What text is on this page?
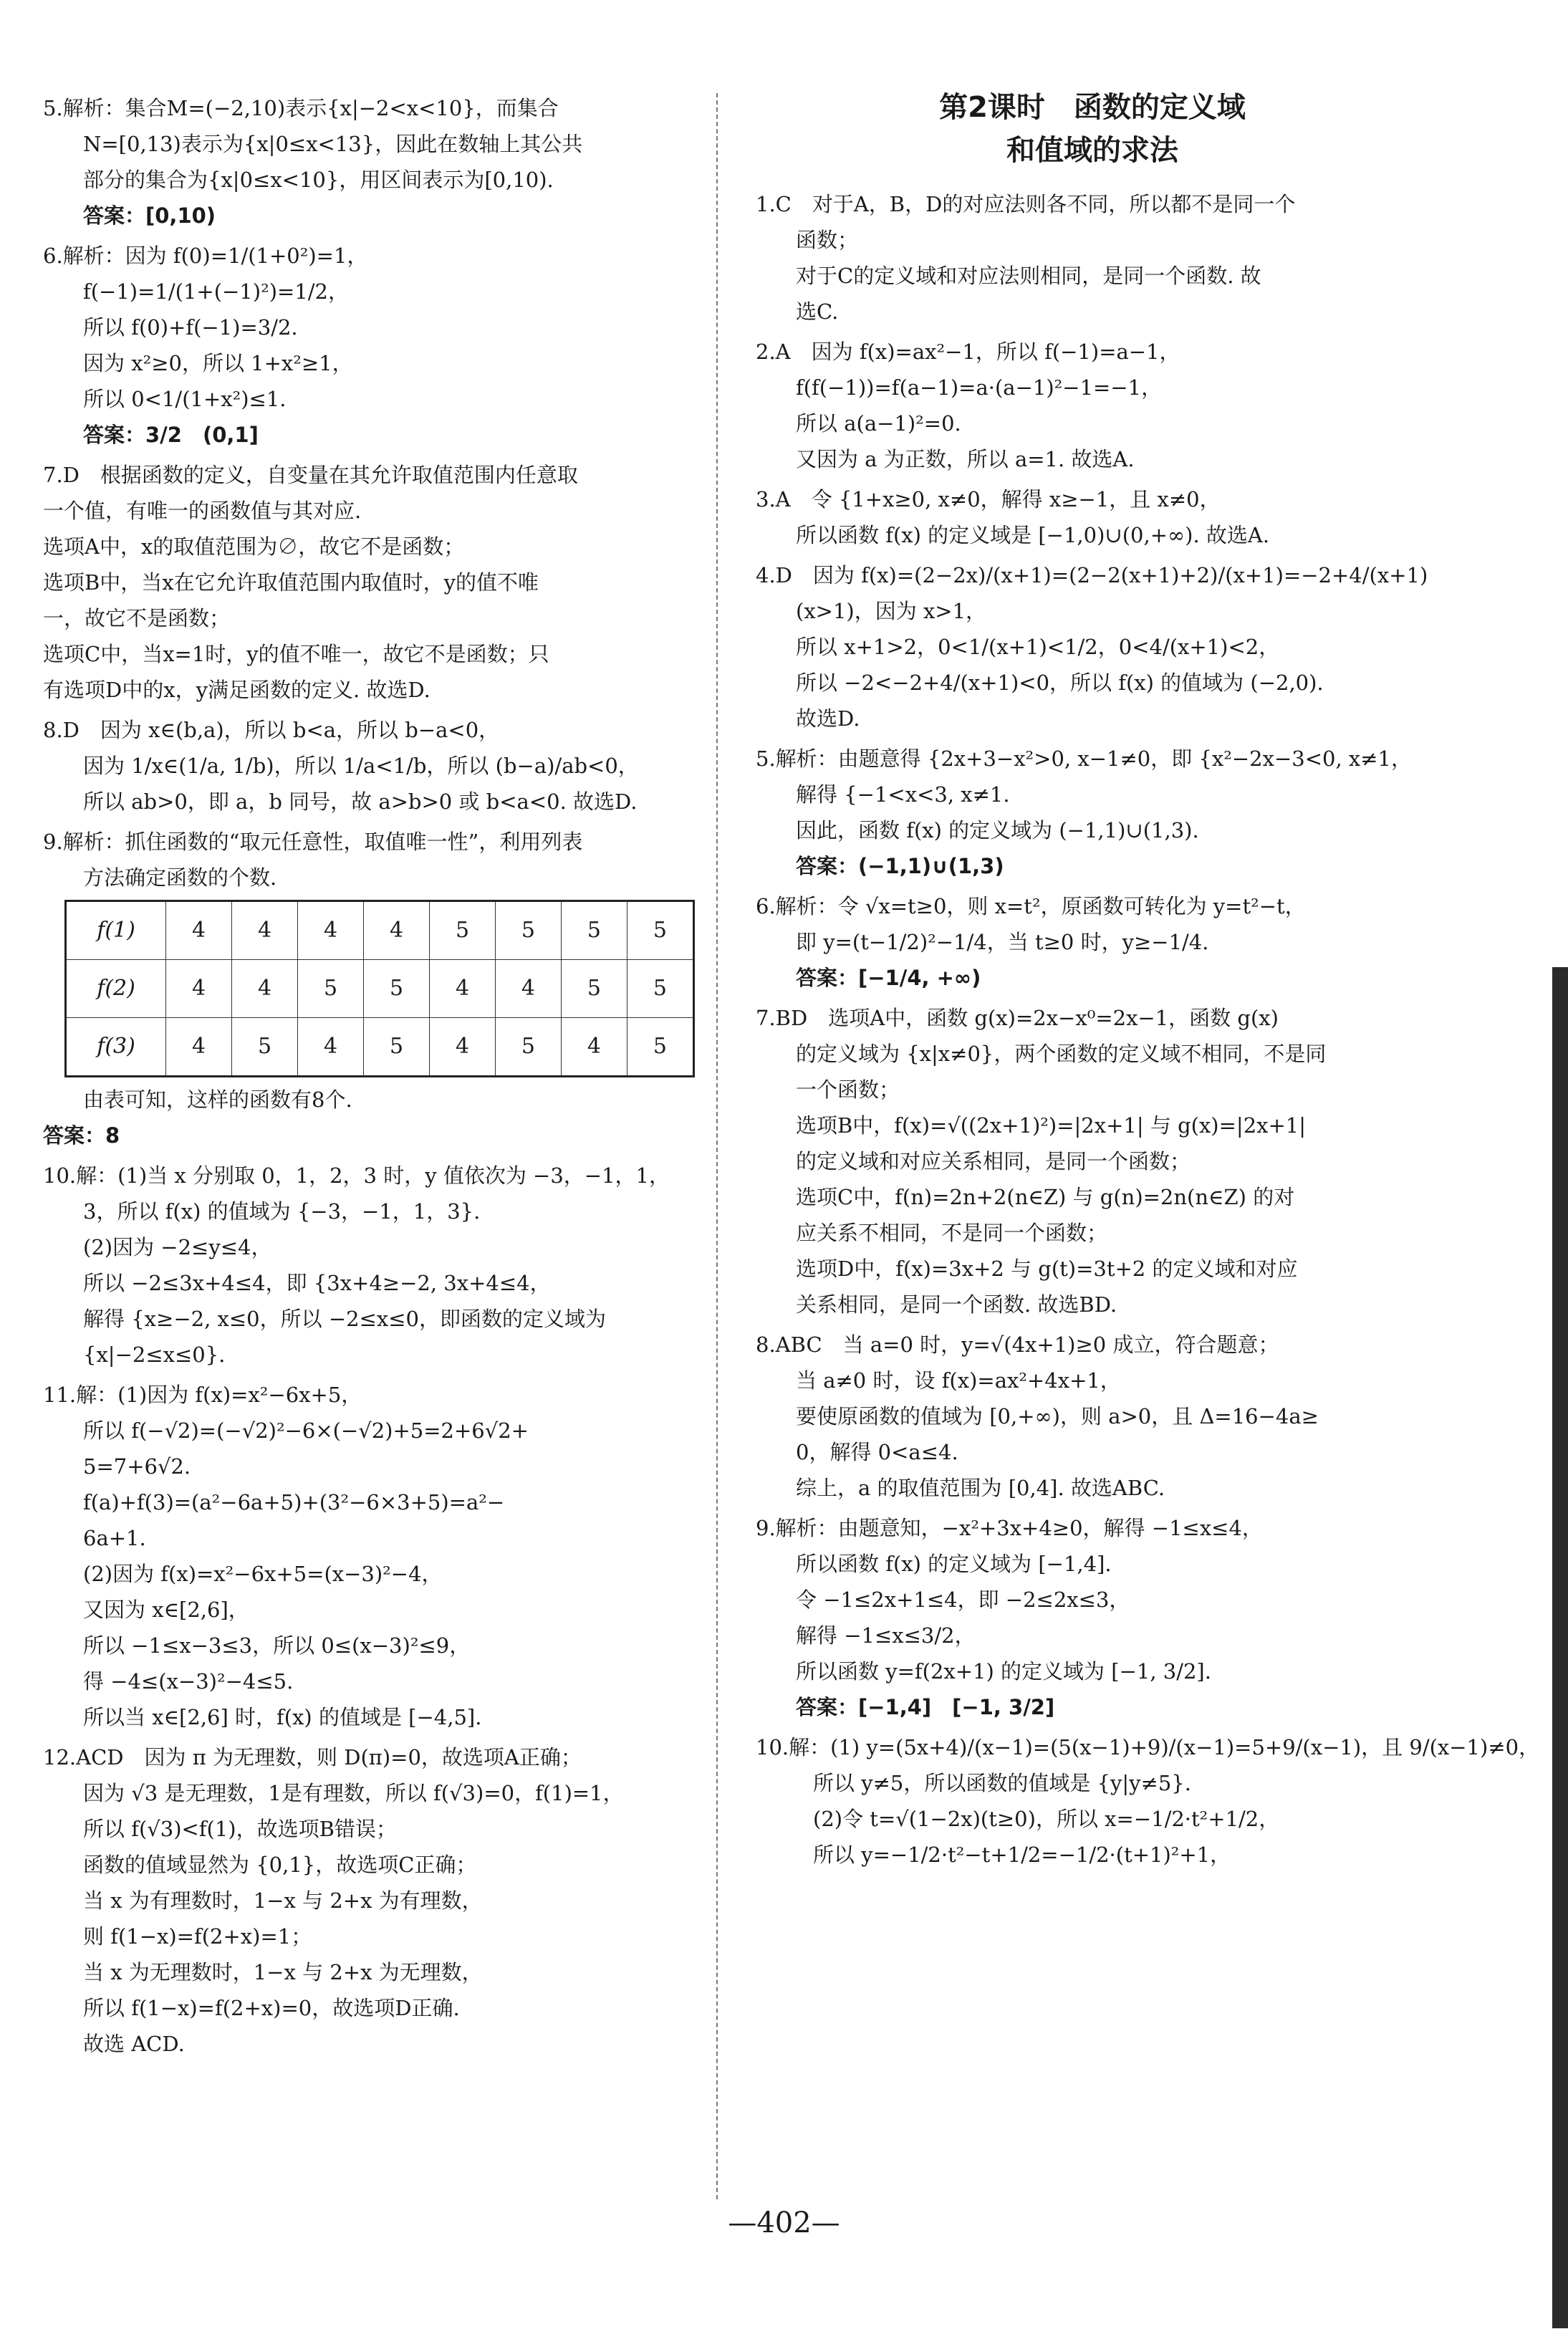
5.解析：集合M=(−2,10)表示{x|−2<x<10}，而集合
N=[0,13)表示为{x|0≤x<13}，因此在数轴上其公共
部分的集合为{x|0≤x<10}，用区间表示为[0,10).
答案：[0,10)
6.解析：因为 f(0)=1/(1+0²)=1，
f(−1)=1/(1+(−1)²)=1/2，
所以 f(0)+f(−1)=3/2.
因为 x²≥0，所以 1+x²≥1，
所以 0<1/(1+x²)≤1.
答案：3/2　(0,1]
7.D　根据函数的定义，自变量在其允许取值范围内任意取
一个值，有唯一的函数值与其对应.
选项A中，x的取值范围为∅，故它不是函数；
选项B中，当x在它允许取值范围内取值时，y的值不唯
一，故它不是函数；
选项C中，当x=1时，y的值不唯一，故它不是函数；只
有选项D中的x，y满足函数的定义. 故选D.
8.D　因为 x∈(b,a)，所以 b<a，所以 b−a<0，
因为 1/x∈(1/a, 1/b)，所以 1/a<1/b，所以 (b−a)/ab<0，
所以 ab>0，即 a，b 同号，故 a>b>0 或 b<a<0. 故选D.
9.解析：抓住函数的“取元任意性，取值唯一性”，利用列表
方法确定函数的个数.
f(1)	4	4	4	4	5	5	5	5
f(2)	4	4	5	5	4	4	5	5
f(3)	4	5	4	5	4	5	4	5
由表可知，这样的函数有8个.
答案：8
10.解：(1)当 x 分别取 0，1，2，3 时，y 值依次为 −3，−1，1，
3，所以 f(x) 的值域为 {−3，−1，1，3}.
(2)因为 −2≤y≤4，
所以 −2≤3x+4≤4，即 {3x+4≥−2, 3x+4≤4，
解得 {x≥−2, x≤0，所以 −2≤x≤0，即函数的定义域为
{x|−2≤x≤0}.
11.解：(1)因为 f(x)=x²−6x+5，
所以 f(−√2)=(−√2)²−6×(−√2)+5=2+6√2+
5=7+6√2.
f(a)+f(3)=(a²−6a+5)+(3²−6×3+5)=a²−
6a+1.
(2)因为 f(x)=x²−6x+5=(x−3)²−4，
又因为 x∈[2,6]，
所以 −1≤x−3≤3，所以 0≤(x−3)²≤9，
得 −4≤(x−3)²−4≤5.
所以当 x∈[2,6] 时，f(x) 的值域是 [−4,5].
12.ACD　因为 π 为无理数，则 D(π)=0，故选项A正确；
因为 √3 是无理数，1是有理数，所以 f(√3)=0，f(1)=1，
所以 f(√3)<f(1)，故选项B错误；
函数的值域显然为 {0,1}，故选项C正确；
当 x 为有理数时，1−x 与 2+x 为有理数，
则 f(1−x)=f(2+x)=1；
当 x 为无理数时，1−x 与 2+x 为无理数，
所以 f(1−x)=f(2+x)=0，故选项D正确.
故选 ACD.
第2课时　函数的定义域
和值域的求法
1.C　对于A，B，D的对应法则各不同，所以都不是同一个
函数；
对于C的定义域和对应法则相同，是同一个函数. 故
选C.
2.A　因为 f(x)=ax²−1，所以 f(−1)=a−1，
f(f(−1))=f(a−1)=a·(a−1)²−1=−1，
所以 a(a−1)²=0.
又因为 a 为正数，所以 a=1. 故选A.
3.A　令 {1+x≥0, x≠0，解得 x≥−1，且 x≠0，
所以函数 f(x) 的定义域是 [−1,0)∪(0,+∞). 故选A.
4.D　因为 f(x)=(2−2x)/(x+1)=(2−2(x+1)+2)/(x+1)=−2+4/(x+1)
(x>1)，因为 x>1，
所以 x+1>2，0<1/(x+1)<1/2，0<4/(x+1)<2，
所以 −2<−2+4/(x+1)<0，所以 f(x) 的值域为 (−2,0).
故选D.
5.解析：由题意得 {2x+3−x²>0, x−1≠0，即 {x²−2x−3<0, x≠1，
解得 {−1<x<3, x≠1.
因此，函数 f(x) 的定义域为 (−1,1)∪(1,3).
答案：(−1,1)∪(1,3)
6.解析：令 √x=t≥0，则 x=t²，原函数可转化为 y=t²−t，
即 y=(t−1/2)²−1/4，当 t≥0 时，y≥−1/4.
答案：[−1/4, +∞)
7.BD　选项A中，函数 g(x)=2x−x⁰=2x−1，函数 g(x)
的定义域为 {x|x≠0}，两个函数的定义域不相同，不是同
一个函数；
选项B中，f(x)=√((2x+1)²)=|2x+1| 与 g(x)=|2x+1|
的定义域和对应关系相同，是同一个函数；
选项C中，f(n)=2n+2(n∈Z) 与 g(n)=2n(n∈Z) 的对
应关系不相同，不是同一个函数；
选项D中，f(x)=3x+2 与 g(t)=3t+2 的定义域和对应
关系相同，是同一个函数. 故选BD.
8.ABC　当 a=0 时，y=√(4x+1)≥0 成立，符合题意；
当 a≠0 时，设 f(x)=ax²+4x+1，
要使原函数的值域为 [0,+∞)，则 a>0，且 Δ=16−4a≥
0，解得 0<a≤4.
综上，a 的取值范围为 [0,4]. 故选ABC.
9.解析：由题意知，−x²+3x+4≥0，解得 −1≤x≤4，
所以函数 f(x) 的定义域为 [−1,4].
令 −1≤2x+1≤4，即 −2≤2x≤3，
解得 −1≤x≤3/2，
所以函数 y=f(2x+1) 的定义域为 [−1, 3/2].
答案：[−1,4]　[−1, 3/2]
10.解：(1) y=(5x+4)/(x−1)=(5(x−1)+9)/(x−1)=5+9/(x−1)，且 9/(x−1)≠0，
所以 y≠5，所以函数的值域是 {y|y≠5}.
(2)令 t=√(1−2x)(t≥0)，所以 x=−1/2·t²+1/2，
所以 y=−1/2·t²−t+1/2=−1/2·(t+1)²+1，
—402—
